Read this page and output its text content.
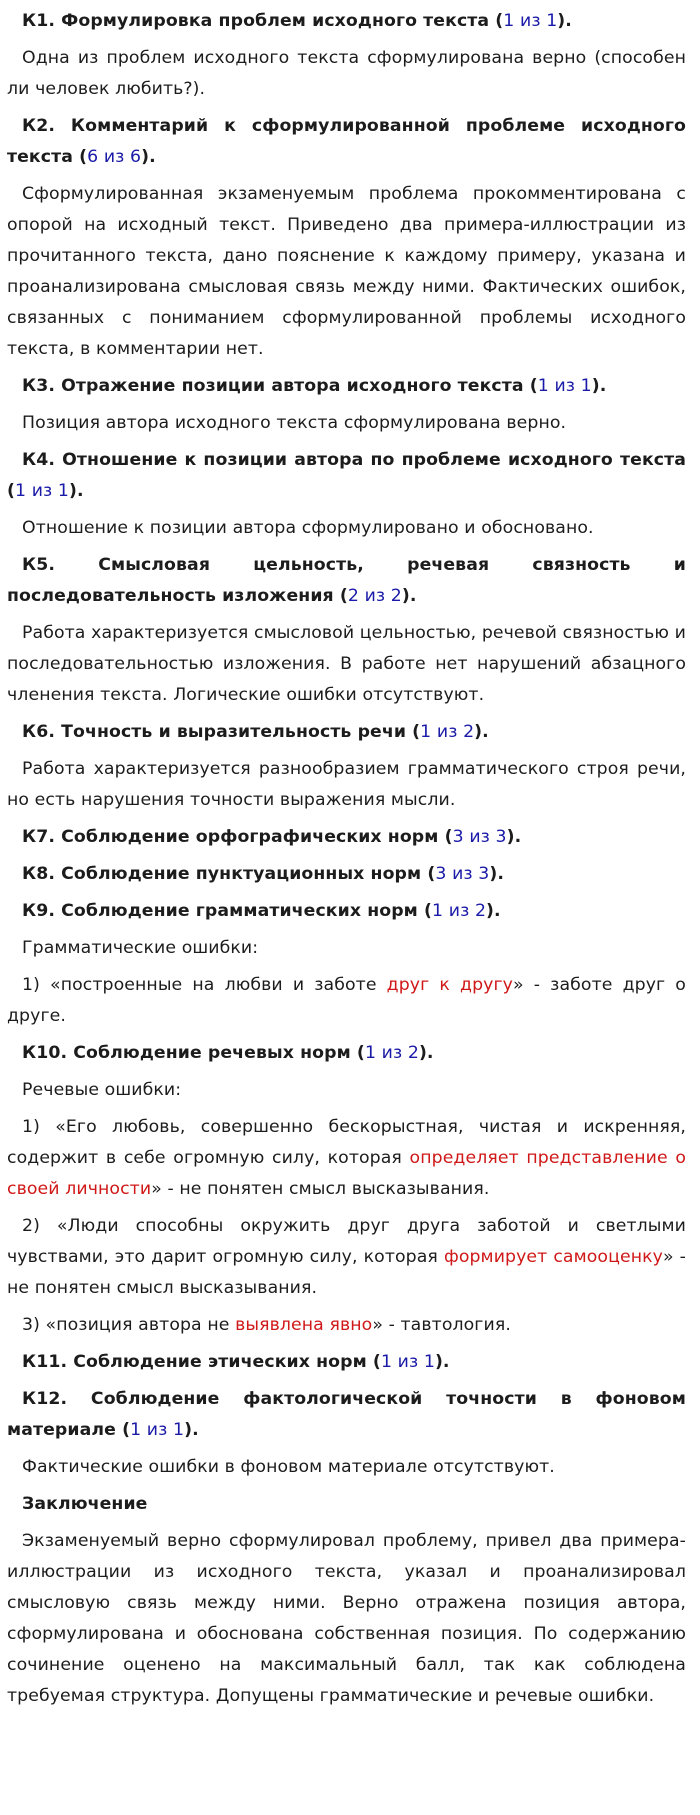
К1. Формулировка проблем исходного текста (1 из 1).

Одна из проблем исходного текста сформулирована верно (способен ли человек любить?).

К2. Комментарий к сформулированной проблеме исходного текста (6 из 6).

Сформулированная экзаменуемым проблема прокомментирована с опорой на исходный текст. Приведено два примера-иллюстрации из прочитанного текста, дано пояснение к каждому примеру, указана и проанализирована смысловая связь между ними. Фактических ошибок, связанных с пониманием сформулированной проблемы исходного текста, в комментарии нет.

К3. Отражение позиции автора исходного текста (1 из 1).

Позиция автора исходного текста сформулирована верно.

К4. Отношение к позиции автора по проблеме исходного текста (1 из 1).

Отношение к позиции автора сформулировано и обосновано.

К5. Смысловая цельность, речевая связность и последовательность изложения (2 из 2).

Работа характеризуется смысловой цельностью, речевой связностью и последовательностью изложения. В работе нет нарушений абзацного членения текста. Логические ошибки отсутствуют.

К6. Точность и выразительность речи (1 из 2).

Работа характеризуется разнообразием грамматического строя речи, но есть нарушения точности выражения мысли.

К7. Соблюдение орфографических норм (3 из 3).

К8. Соблюдение пунктуационных норм (3 из 3).

К9. Соблюдение грамматических норм (1 из 2).

Грамматические ошибки:

1) «построенные на любви и заботе друг к другу» - заботе друг о друге.

К10. Соблюдение речевых норм (1 из 2).

Речевые ошибки:

1) «Его любовь, совершенно бескорыстная, чистая и искренняя, содержит в себе огромную силу, которая определяет представление о своей личности» - не понятен смысл высказывания.

2) «Люди способны окружить друг друга заботой и светлыми чувствами, это дарит огромную силу, которая формирует самооценку» - не понятен смысл высказывания.

3) «позиция автора не выявлена явно» - тавтология.

К11. Соблюдение этических норм (1 из 1).

К12. Соблюдение фактологической точности в фоновом материале (1 из 1).

Фактические ошибки в фоновом материале отсутствуют.

Заключение

Экзаменуемый верно сформулировал проблему, привел два примера-иллюстрации из исходного текста, указал и проанализировал смысловую связь между ними. Верно отражена позиция автора, сформулирована и обоснована собственная позиция. По содержанию сочинение оценено на максимальный балл, так как соблюдена требуемая структура. Допущены грамматические и речевые ошибки.
